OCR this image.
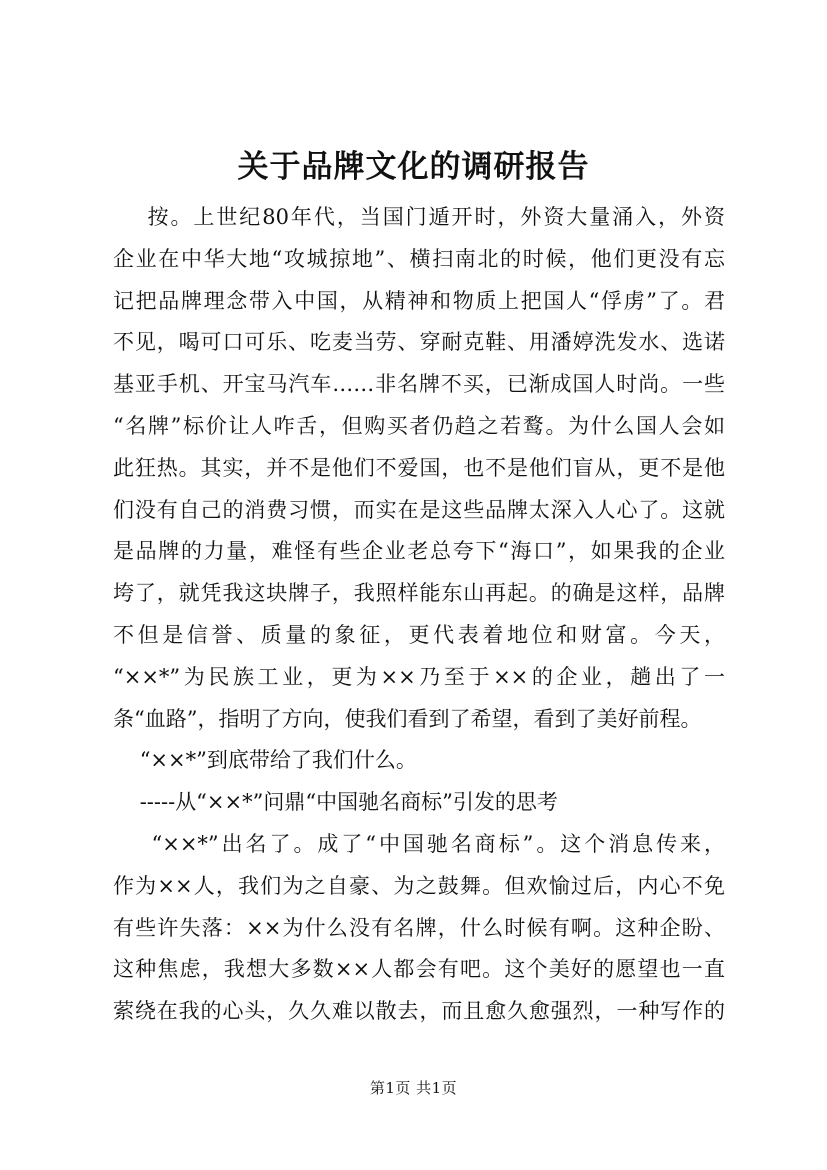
关于品牌文化的调研报告
按。上世纪80年代，当国门遁开时，外资大量涌入，外资
企业在中华大地“攻城掠地”、横扫南北的时候，他们更没有忘
记把品牌理念带入中国，从精神和物质上把国人“俘虏”了。君
不见，喝可口可乐、吃麦当劳、穿耐克鞋、用潘婷洗发水、选诺
基亚手机、开宝马汽车……非名牌不买，已渐成国人时尚。一些
“名牌”标价让人咋舌，但购买者仍趋之若鹜。为什么国人会如
此狂热。其实，并不是他们不爱国，也不是他们盲从，更不是他
们没有自己的消费习惯，而实在是这些品牌太深入人心了。这就
是品牌的力量，难怪有些企业老总夸下“海口”，如果我的企业
垮了，就凭我这块牌子，我照样能东山再起。的确是这样，品牌
不但是信誉、质量的象征，更代表着地位和财富。今天，
“××*”为民族工业，更为××乃至于××的企业，趟出了一
条“血路”，指明了方向，使我们看到了希望，看到了美好前程。
“××*”到底带给了我们什么。
-----从“××*”问鼎“中国驰名商标”引发的思考
“××*”出名了。成了“中国驰名商标”。这个消息传来，
作为××人，我们为之自豪、为之鼓舞。但欢愉过后，内心不免
有些许失落：××为什么没有名牌，什么时候有啊。这种企盼、
这种焦虑，我想大多数××人都会有吧。这个美好的愿望也一直
萦绕在我的心头，久久难以散去，而且愈久愈强烈，一种写作的
第1页 共1页
